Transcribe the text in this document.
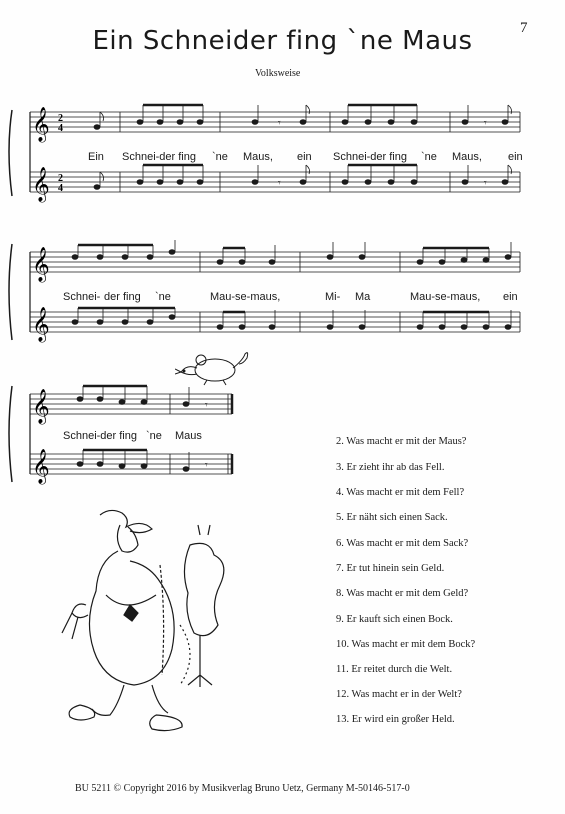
Ein Schneider fing `ne Maus	7
Volksweise
𝄞
𝄞
2
4
2
4
𝄾	𝄾
𝄾	𝄾
Ein Schnei-der fing `ne Maus, ein Schnei-der fing `ne Maus, ein
𝄞
𝄞
Schnei- der fing `ne	Mau-se-maus,	Mi- Ma	Mau-se-maus, ein
𝄞
𝄞
𝄾
𝄾
Schnei-der fing `ne Maus	2. Was macht er mit der Maus?
3. Er zieht ihr ab das Fell.
4. Was macht er mit dem Fell?
5. Er näht sich einen Sack.
6. Was macht er mit dem Sack?
7. Er tut hinein sein Geld.
8. Was macht er mit dem Geld?
9. Er kauft sich einen Bock.
10. Was macht er mit dem Bock?
11. Er reitet durch die Welt.
12. Was macht er in der Welt?
13. Er wird ein großer Held.
BU 5211 © Copyright 2016 by Musikverlag Bruno Uetz, Germany M-50146-517-0
